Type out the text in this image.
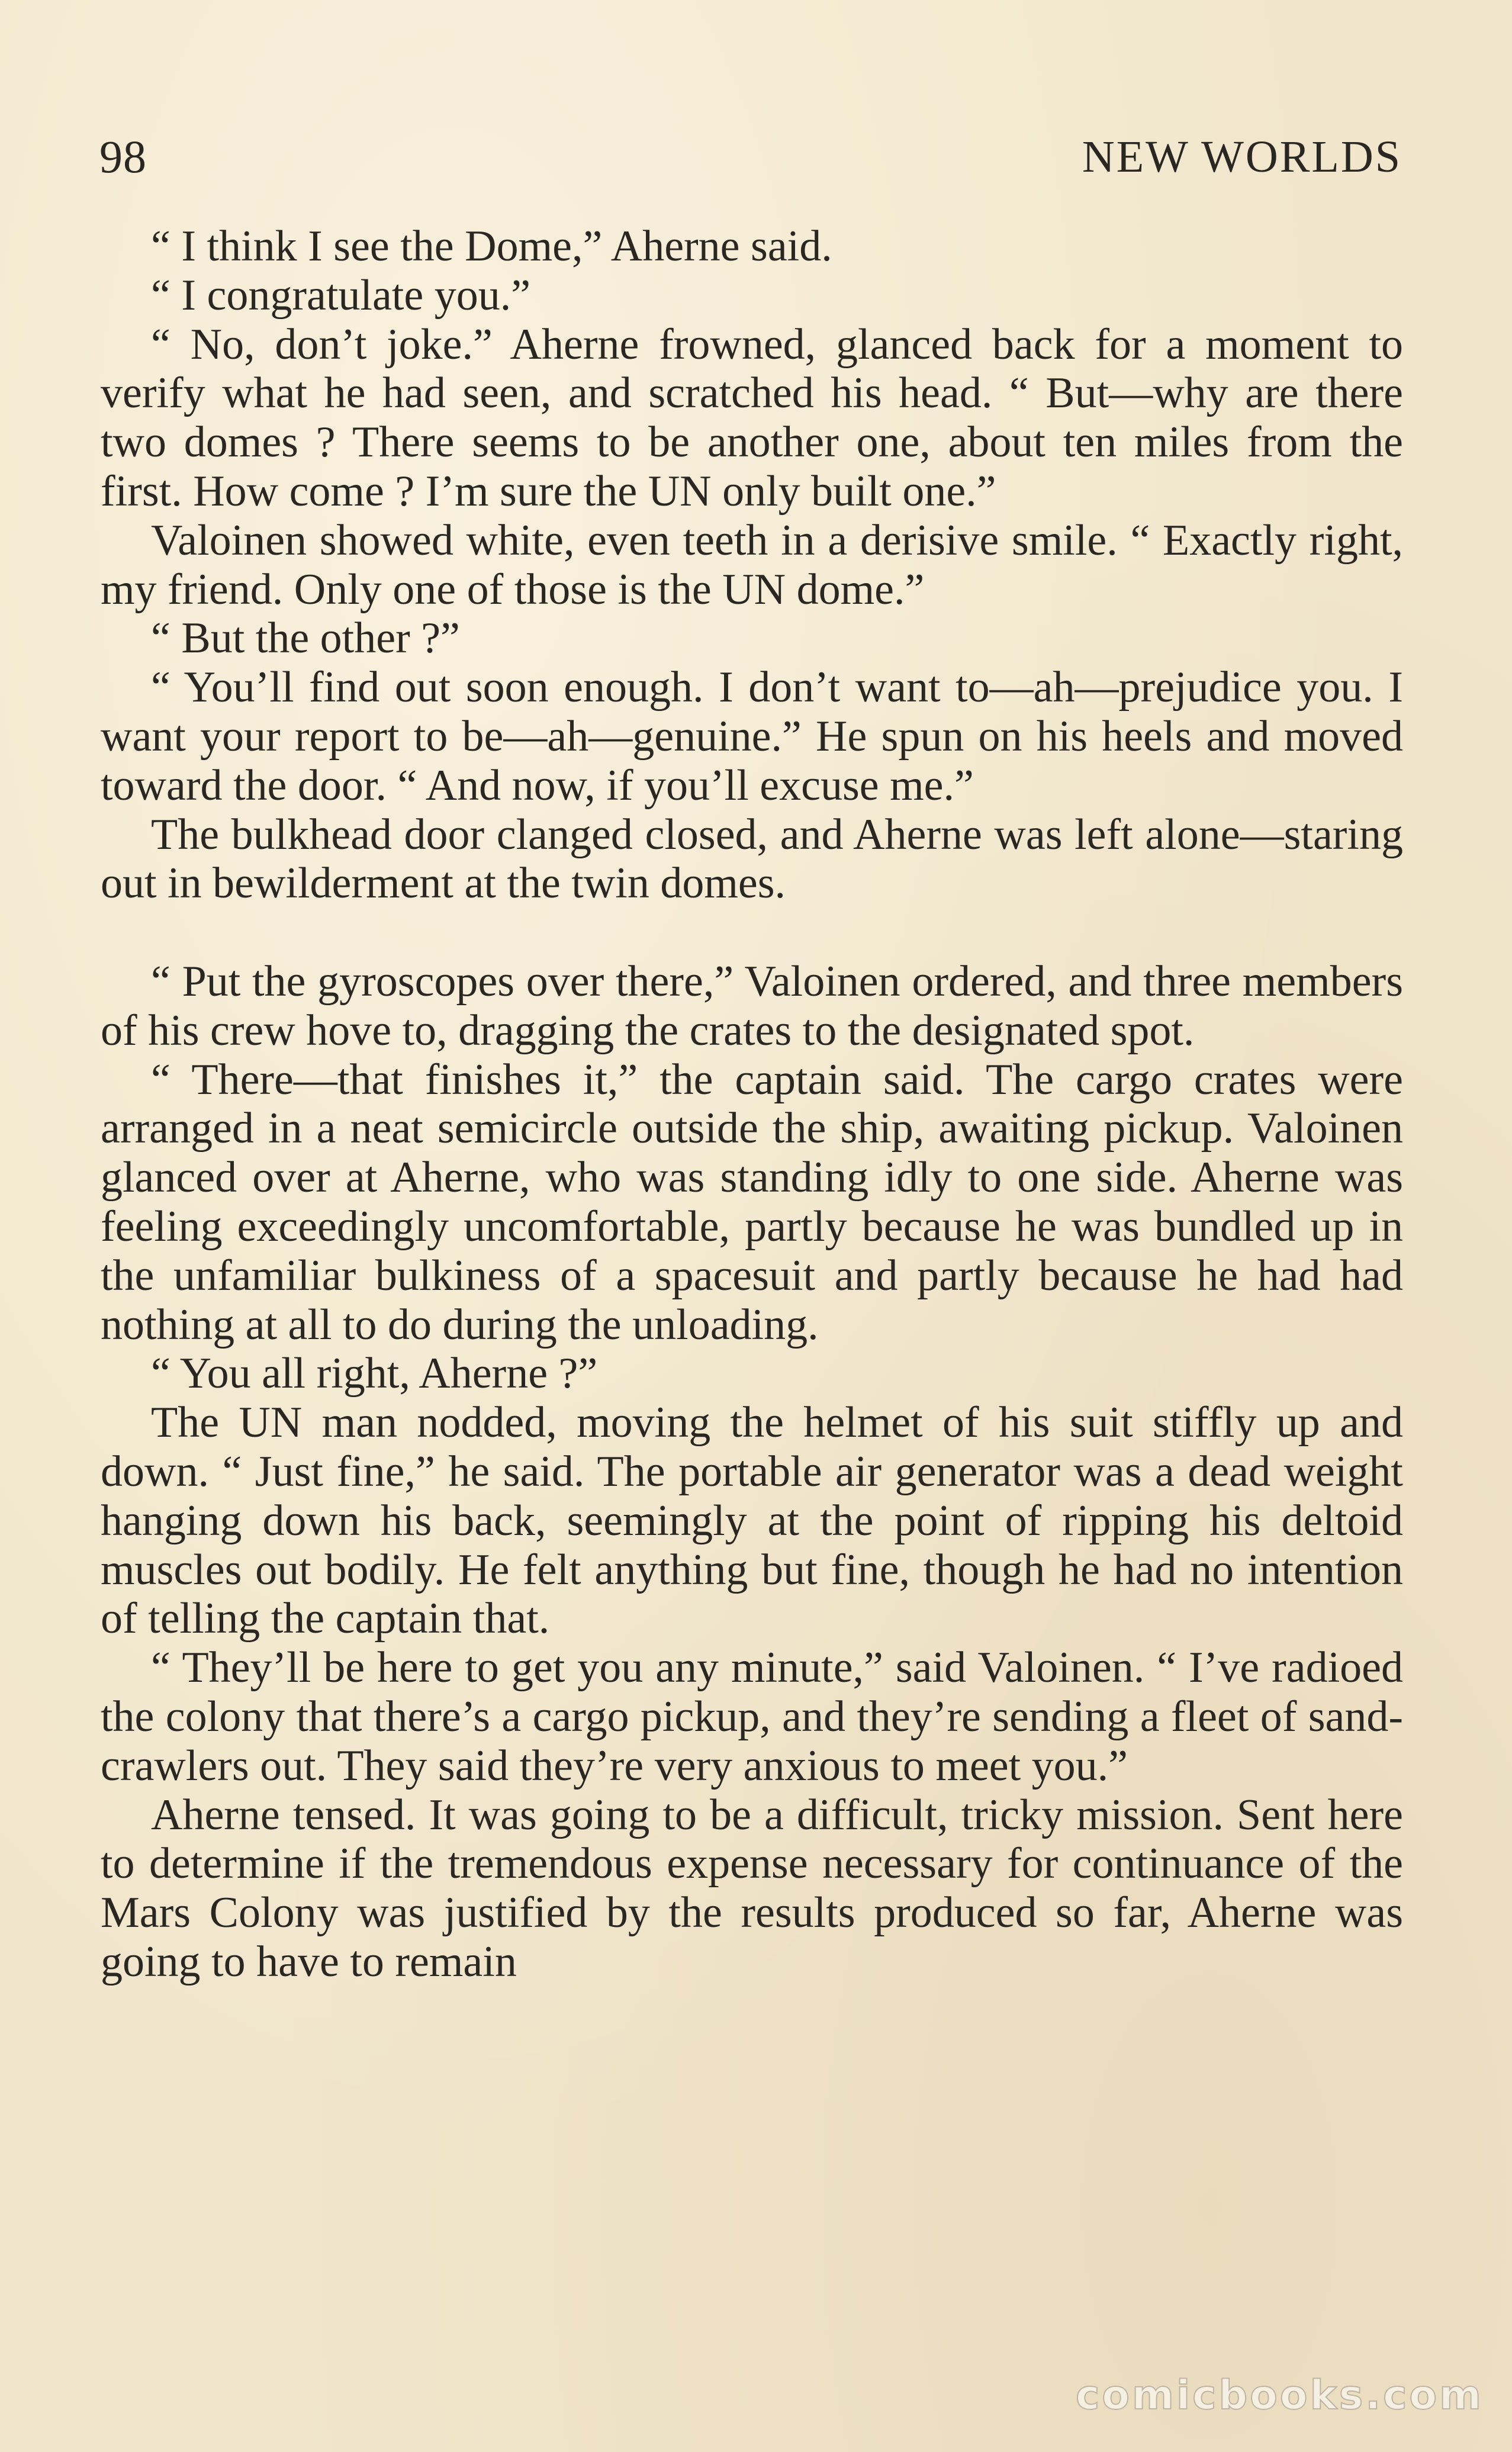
98	NEW WORLDS

“ I think I see the Dome,” Aherne said.

“ I congratulate you.”

“ No, don’t joke.” Aherne frowned, glanced back for a moment to verify what he had seen, and scratched his head. “ But—why are there two domes ? There seems to be another one, about ten miles from the first. How come ? I’m sure the UN only built one.”

Valoinen showed white, even teeth in a derisive smile. “ Exactly right, my friend. Only one of those is the UN dome.”

“ But the other ?”

“ You’ll find out soon enough. I don’t want to—ah—prejudice you. I want your report to be—ah—genuine.” He spun on his heels and moved toward the door. “ And now, if you’ll excuse me.”

The bulkhead door clanged closed, and Aherne was left alone—staring out in bewilderment at the twin domes.

“ Put the gyroscopes over there,” Valoinen ordered, and three members of his crew hove to, dragging the crates to the designated spot.

“ There—that finishes it,” the captain said. The cargo crates were arranged in a neat semicircle outside the ship, awaiting pickup. Valoinen glanced over at Aherne, who was standing idly to one side. Aherne was feeling exceedingly uncomfortable, partly because he was bundled up in the unfamiliar bulkiness of a spacesuit and partly because he had had nothing at all to do during the unloading.

“ You all right, Aherne ?”

The UN man nodded, moving the helmet of his suit stiffly up and down. “ Just fine,” he said. The portable air generator was a dead weight hanging down his back, seemingly at the point of ripping his deltoid muscles out bodily. He felt anything but fine, though he had no intention of telling the captain that.

“ They’ll be here to get you any minute,” said Valoinen. “ I’ve radioed the colony that there’s a cargo pickup, and they’re sending a fleet of sand-crawlers out. They said they’re very anxious to meet you.”

Aherne tensed. It was going to be a difficult, tricky mission. Sent here to determine if the tremendous expense necessary for continuance of the Mars Colony was justified by the results produced so far, Aherne was going to have to remain

comicbooks.com
